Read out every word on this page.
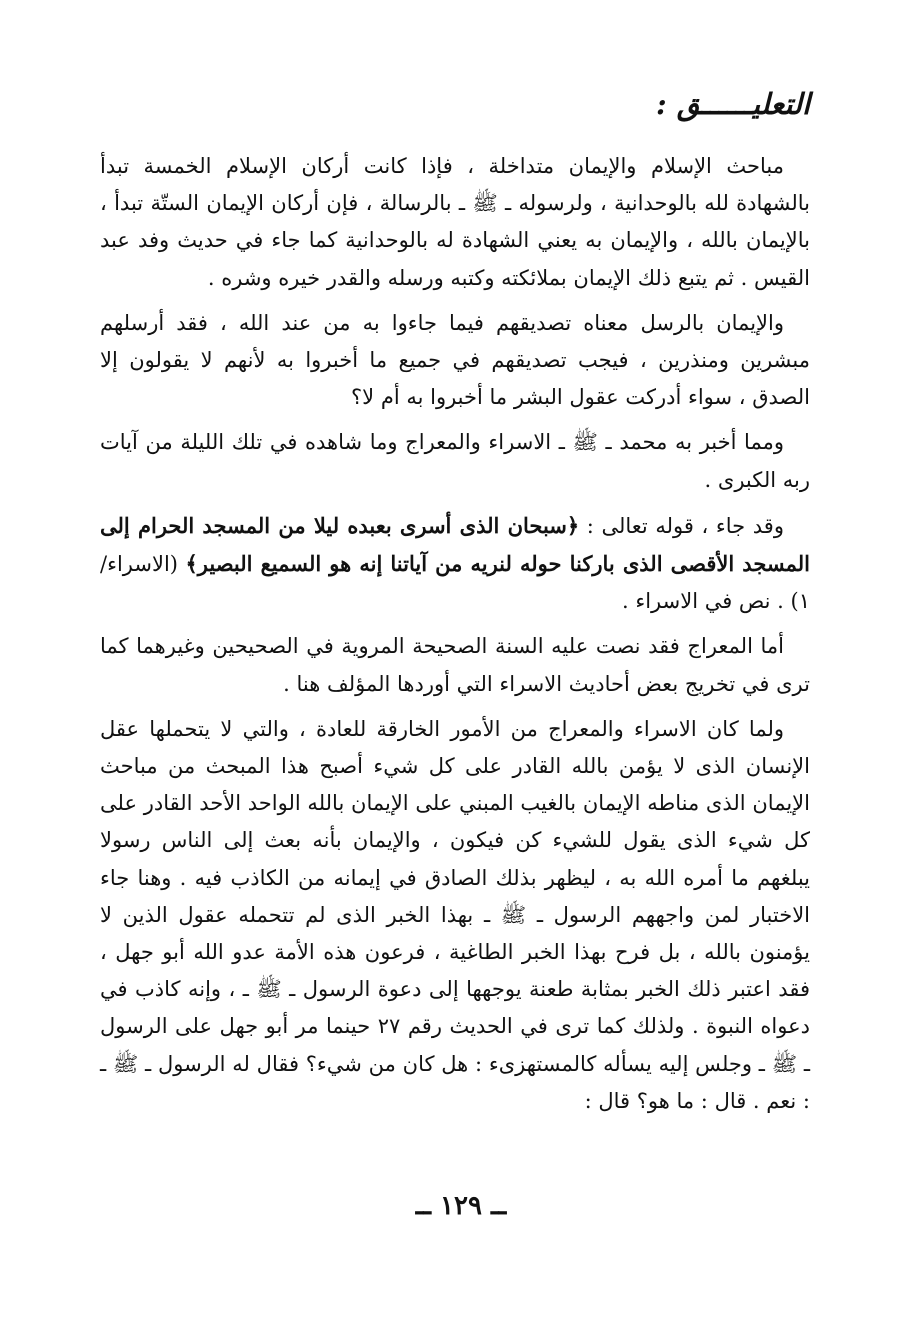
التعليــــــق :

مباحث الإسلام والإيمان متداخلة ، فإذا كانت أركان الإسلام الخمسة تبدأ بالشهادة لله بالوحدانية ، ولرسوله ـ ﷺ ـ بالرسالة ، فإن أركان الإيمان الستّة تبدأ ، بالإيمان بالله ، والإيمان به يعني الشهادة له بالوحدانية كما جاء في حديث وفد عبد القيس . ثم يتبع ذلك الإيمان بملائكته وكتبه ورسله والقدر خيره وشره .

والإيمان بالرسل معناه تصديقهم فيما جاءوا به من عند الله ، فقد أرسلهم مبشرين ومنذرين ، فيجب تصديقهم في جميع ما أخبروا به لأنهم لا يقولون إلا الصدق ، سواء أدركت عقول البشر ما أخبروا به أم لا؟

ومما أخبر به محمد ـ ﷺ ـ الاسراء والمعراج وما شاهده في تلك الليلة من آيات ربه الكبرى .

وقد جاء ، قوله تعالى : ﴿سبحان الذى أسرى بعبده ليلا من المسجد الحرام إلى المسجد الأقصى الذى باركنا حوله لنريه من آياتنا إنه هو السميع البصير﴾ (الاسراء/١) . نص في الاسراء .

أما المعراج فقد نصت عليه السنة الصحيحة المروية في الصحيحين وغيرهما كما ترى في تخريج بعض أحاديث الاسراء التي أوردها المؤلف هنا .

ولما كان الاسراء والمعراج من الأمور الخارقة للعادة ، والتي لا يتحملها عقل الإنسان الذى لا يؤمن بالله القادر على كل شيء أصبح هذا المبحث من مباحث الإيمان الذى مناطه الإيمان بالغيب المبني على الإيمان بالله الواحد الأحد القادر على كل شيء الذى يقول للشيء كن فيكون ، والإيمان بأنه بعث إلى الناس رسولا يبلغهم ما أمره الله به ، ليظهر بذلك الصادق في إيمانه من الكاذب فيه . وهنا جاء الاختبار لمن واجههم الرسول ـ ﷺ ـ بهذا الخبر الذى لم تتحمله عقول الذين لا يؤمنون بالله ، بل فرح بهذا الخبر الطاغية ، فرعون هذه الأمة عدو الله أبو جهل ، فقد اعتبر ذلك الخبر بمثابة طعنة يوجهها إلى دعوة الرسول ـ ﷺ ـ ، وإنه كاذب في دعواه النبوة . ولذلك كما ترى في الحديث رقم ٢٧ حينما مر أبو جهل على الرسول ـ ﷺ ـ وجلس إليه يسأله كالمستهزىء : هل كان من شيء؟ فقال له الرسول ـ ﷺ ـ : نعم . قال : ما هو؟ قال :

ــ ١٢٩ ــ
